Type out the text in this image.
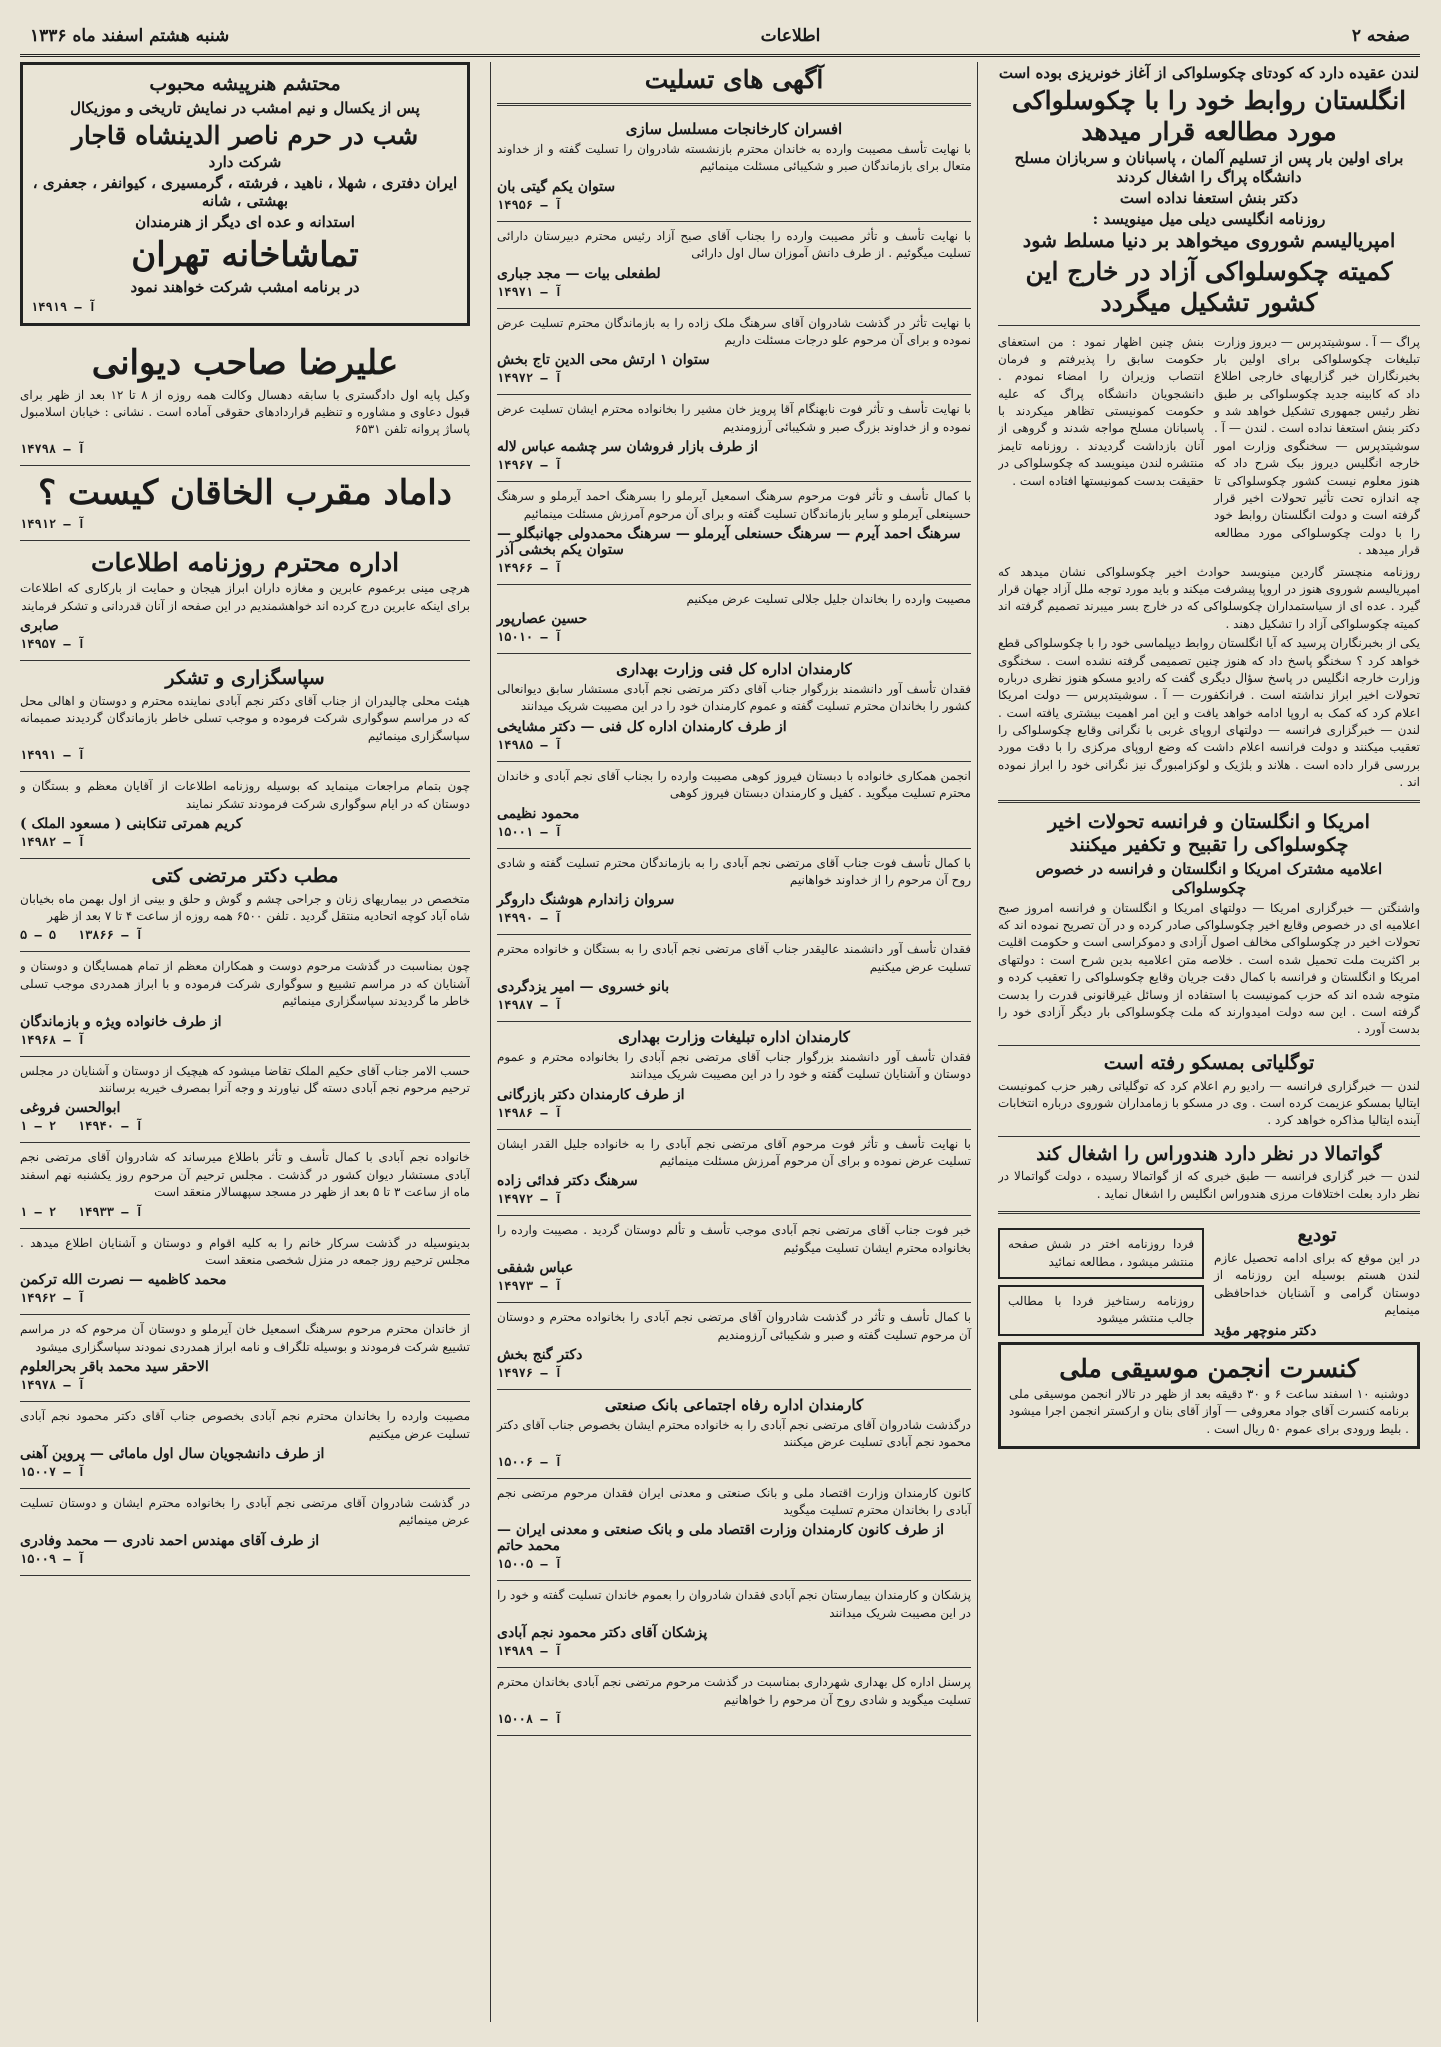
صفحه ۲
اطلاعات
شنبه هشتم اسفند ماه ۱۳۳۶
لندن عقیده دارد که کودتای چکوسلواکی از آغاز خونریزی بوده است
انگلستان روابط خود را با چکوسلواکی مورد مطالعه قرار میدهد
برای اولین بار پس از تسلیم آلمان ، پاسبانان و سربازان مسلح دانشگاه پراگ را اشغال کردند
دکتر بنش استعفا نداده است
روزنامه انگلیسی دیلی میل مینویسد :
امپریالیسم شوروی میخواهد بر دنیا مسلط شود
کمیته چکوسلواکی آزاد در خارج این کشور تشکیل میگردد
پراگ — آ . سوشیتدپرس — دیروز وزارت تبلیغات چکوسلواکی برای اولین بار بخبرنگاران خبر گزاریهای خارجی اطلاع داد که کابینه جدید چکوسلواکی بر طبق نظر رئیس جمهوری تشکیل خواهد شد و دکتر بنش استعفا نداده است . لندن — آ . سوشیتدپرس — سخنگوی وزارت امور خارجه انگلیس دیروز ببک شرح داد که هنوز معلوم نیست کشور چکوسلواکی تا چه اندازه تحت تأثیر تحولات اخیر قرار گرفته است و دولت انگلستان روابط خود را با دولت چکوسلواکی مورد مطالعه قرار میدهد .
بنش چنین اظهار نمود : من استعفای حکومت سابق را پذیرفتم و فرمان انتصاب وزیران را امضاء نمودم . دانشجویان دانشگاه پراگ که علیه حکومت کمونیستی تظاهر میکردند با پاسبانان مسلح مواجه شدند و گروهی از آنان بازداشت گردیدند . روزنامه تایمز منتشره لندن مینویسد که چکوسلواکی در حقیقت بدست کمونیستها افتاده است .
روزنامه منچستر گاردین مینویسد حوادث اخیر چکوسلواکی نشان میدهد که امپریالیسم شوروی هنوز در اروپا پیشرفت میکند و باید مورد توجه ملل آزاد جهان قرار گیرد . عده ای از سیاستمداران چکوسلواکی که در خارج بسر میبرند تصمیم گرفته اند کمیته چکوسلواکی آزاد را تشکیل دهند .
یکی از بخبرنگاران پرسید که آیا انگلستان روابط دیپلماسی خود را با چکوسلواکی قطع خواهد کرد ؟ سخنگو پاسخ داد که هنوز چنین تصمیمی گرفته نشده است . سخنگوی وزارت خارجه انگلیس در پاسخ سؤال دیگری گفت که رادیو مسکو هنوز نظری درباره تحولات اخیر ابراز نداشته است . فرانکفورت — آ . سوشیتدپرس — دولت امریکا اعلام کرد که کمک به اروپا ادامه خواهد یافت و این امر اهمیت بیشتری یافته است . لندن — خبرگزاری فرانسه — دولتهای اروپای غربی با نگرانی وقایع چکوسلواکی را تعقیب میکنند و دولت فرانسه اعلام داشت که وضع اروپای مرکزی را با دقت مورد بررسی قرار داده است . هلاند و بلژیک و لوکزامبورگ نیز نگرانی خود را ابراز نموده اند .
امریکا و انگلستان و فرانسه تحولات اخیر چکوسلواکی را تقبیح و تکفیر میکنند
اعلامیه مشترک امریکا و انگلستان و فرانسه در خصوص چکوسلواکی
واشنگتن — خبرگزاری امریکا — دولتهای امریکا و انگلستان و فرانسه امروز صبح اعلامیه ای در خصوص وقایع اخیر چکوسلواکی صادر کرده و در آن تصریح نموده اند که تحولات اخیر در چکوسلواکی مخالف اصول آزادی و دموکراسی است و حکومت اقلیت بر اکثریت ملت تحمیل شده است . خلاصه متن اعلامیه بدین شرح است : دولتهای امریکا و انگلستان و فرانسه با کمال دقت جریان وقایع چکوسلواکی را تعقیب کرده و متوجه شده اند که حزب کمونیست با استفاده از وسائل غیرقانونی قدرت را بدست گرفته است . این سه دولت امیدوارند که ملت چکوسلواکی بار دیگر آزادی خود را بدست آورد .
توگلیاتی بمسکو رفته است
لندن — خبرگزاری فرانسه — رادیو رم اعلام کرد که توگلیاتی رهبر حزب کمونیست ایتالیا بمسکو عزیمت کرده است . وی در مسکو با زمامداران شوروی درباره انتخابات آینده ایتالیا مذاکره خواهد کرد .
گواتمالا در نظر دارد هندوراس را اشغال کند
لندن — خبر گزاری فرانسه — طبق خبری که از گواتمالا رسیده ، دولت گواتمالا در نظر دارد بعلت اختلافات مرزی هندوراس انگلیس را اشغال نماید .
تودیع
در این موقع که برای ادامه تحصیل عازم لندن هستم بوسیله این روزنامه از دوستان گرامی و آشنایان خداحافظی مینمایم
دکتر منوچهر مؤید
فردا روزنامه اختر در شش صفحه منتشر میشود ، مطالعه نمائید
روزنامه رستاخیز فردا با مطالب جالب منتشر میشود
کنسرت انجمن موسیقی ملی
دوشنبه ۱۰ اسفند ساعت ۶ و ۳۰ دقیقه بعد از ظهر در تالار انجمن موسیقی ملی برنامه کنسرت آقای جواد معروفی — آواز آقای بنان و ارکستر انجمن اجرا میشود . بلیط ورودی برای عموم ۵۰ ریال است .
آگهی های تسلیت
افسران کارخانجات مسلسل سازی
با نهایت تأسف مصیبت وارده به خاندان محترم بازنشسته شادروان را تسلیت گفته و از خداوند متعال برای بازماندگان صبر و شکیبائی مسئلت مینمائیم
ستوان یکم گیتی بان
آ — ۱۴۹۵۶
با نهایت تأسف و تأثر مصیبت وارده را بجناب آقای صبح آزاد رئیس محترم دبیرستان دارائی تسلیت میگوئیم . از طرف دانش آموزان سال اول دارائی
لطفعلی بیات — مجد جباری
آ — ۱۴۹۷۱
با نهایت تأثر در گذشت شادروان آقای سرهنگ ملک زاده را به بازماندگان محترم تسلیت عرض نموده و برای آن مرحوم علو درجات مسئلت داریم
ستوان ۱ ارتش محی الدین تاج بخش
آ — ۱۴۹۷۲
با نهایت تأسف و تأثر فوت نابهنگام آقا پرویز خان مشیر را بخانواده محترم ایشان تسلیت عرض نموده و از خداوند بزرگ صبر و شکیبائی آرزومندیم
از طرف بازار فروشان سر چشمه عباس لاله
آ — ۱۴۹۶۷
با کمال تأسف و تأثر فوت مرحوم سرهنگ اسمعیل آیرملو را بسرهنگ احمد آیرملو و سرهنگ حسینعلی آیرملو و سایر بازماندگان تسلیت گفته و برای آن مرحوم آمرزش مسئلت مینمائیم
سرهنگ احمد آیرم — سرهنگ حسنعلی آیرملو — سرهنگ محمدولی جهانبگلو — ستوان یکم بخشی آذر
آ — ۱۴۹۶۶
مصیبت وارده را بخاندان جلیل جلالی تسلیت عرض میکنیم
حسین عصارپور
آ — ۱۵۰۱۰
کارمندان اداره کل فنی وزارت بهداری
فقدان تأسف آور دانشمند بزرگوار جناب آقای دکتر مرتضی نجم آبادی مستشار سابق دیوانعالی کشور را بخاندان محترم تسلیت گفته و عموم کارمندان خود را در این مصیبت شریک میدانند
از طرف کارمندان اداره کل فنی — دکتر مشایخی
آ — ۱۴۹۸۵
انجمن همکاری خانواده با دبستان فیروز کوهی مصیبت وارده را بجناب آقای نجم آبادی و خاندان محترم تسلیت میگوید . کفیل و کارمندان دبستان فیروز کوهی
محمود نظیمی
آ — ۱۵۰۰۱
با کمال تأسف فوت جناب آقای مرتضی نجم آبادی را به بازماندگان محترم تسلیت گفته و شادی روح آن مرحوم را از خداوند خواهانیم
سروان زاندارم هوشنگ داروگر
آ — ۱۴۹۹۰
فقدان تأسف آور دانشمند عالیقدر جناب آقای مرتضی نجم آبادی را به بستگان و خانواده محترم تسلیت عرض میکنیم
بانو خسروی — امیر یزدگردی
آ — ۱۴۹۸۷
کارمندان اداره تبلیغات وزارت بهداری
فقدان تأسف آور دانشمند بزرگوار جناب آقای مرتضی نجم آبادی را بخانواده محترم و عموم دوستان و آشنایان تسلیت گفته و خود را در این مصیبت شریک میدانند
از طرف کارمندان دکتر بازرگانی
آ — ۱۴۹۸۶
با نهایت تأسف و تأثر فوت مرحوم آقای مرتضی نجم آبادی را به خانواده جلیل القدر ایشان تسلیت عرض نموده و برای آن مرحوم آمرزش مسئلت مینمائیم
سرهنگ دکتر فدائی زاده
آ — ۱۴۹۷۲
خبر فوت جناب آقای مرتضی نجم آبادی موجب تأسف و تألم دوستان گردید . مصیبت وارده را بخانواده محترم ایشان تسلیت میگوئیم
عباس شفقی
آ — ۱۴۹۷۳
با کمال تأسف و تأثر در گذشت شادروان آقای مرتضی نجم آبادی را بخانواده محترم و دوستان آن مرحوم تسلیت گفته و صبر و شکیبائی آرزومندیم
دکتر گنج بخش
آ — ۱۴۹۷۶
کارمندان اداره رفاه اجتماعی بانک صنعتی
درگذشت شادروان آقای مرتضی نجم آبادی را به خانواده محترم ایشان بخصوص جناب آقای دکتر محمود نجم آبادی تسلیت عرض میکنند
آ — ۱۵۰۰۶
کانون کارمندان وزارت اقتصاد ملی و بانک صنعتی و معدنی ایران فقدان مرحوم مرتضی نجم آبادی را بخاندان محترم تسلیت میگوید
از طرف کانون کارمندان وزارت اقتصاد ملی و بانک صنعتی و معدنی ایران — محمد حاتم
آ — ۱۵۰۰۵
پزشکان و کارمندان بیمارستان نجم آبادی فقدان شادروان را بعموم خاندان تسلیت گفته و خود را در این مصیبت شریک میدانند
پزشکان آقای دکتر محمود نجم آبادی
آ — ۱۴۹۸۹
پرسنل اداره کل بهداری شهرداری بمناسبت در گذشت مرحوم مرتضی نجم آبادی بخاندان محترم تسلیت میگوید و شادی روح آن مرحوم را خواهانیم
آ — ۱۵۰۰۸
محتشم هنرپیشه محبوب
پس از یکسال و نیم امشب در نمایش تاریخی و موزیکال
شب در حرم ناصر الدینشاه قاجار
شرکت دارد
ایران دفتری ، شهلا ، ناهید ، فرشته ، گرمسیری ، کیوانفر ، جعفری ، بهشتی ، شانه
استدانه و عده ای دیگر از هنرمندان
تماشاخانه تهران
در برنامه امشب شرکت خواهند نمود
آ — ۱۴۹۱۹
علیرضا صاحب دیوانی
وکیل پایه اول دادگستری با سابقه دهسال وکالت همه روزه از ۸ تا ۱۲ بعد از ظهر برای قبول دعاوی و مشاوره و تنظیم قراردادهای حقوقی آماده است . نشانی : خیابان اسلامبول پاساژ پروانه تلفن ۶۵۳۱
آ — ۱۴۷۹۸
داماد مقرب الخاقان کیست ؟
آ — ۱۴۹۱۲
اداره محترم روزنامه اطلاعات
هرچی مینی برعموم عابرین و مغازه داران ابراز هیجان و حمایت از بارکاری که اطلاعات برای اینکه عابرین درج کرده اند خواهشمندیم در این صفحه از آنان قدردانی و تشکر فرمایند
صابری
آ — ۱۴۹۵۷
سپاسگزاری و تشکر
هیئت محلی چالیدران از جناب آقای دکتر نجم آبادی نماینده محترم و دوستان و اهالی محل که در مراسم سوگواری شرکت فرموده و موجب تسلی خاطر بازماندگان گردیدند صمیمانه سپاسگزاری مینمائیم
آ — ۱۴۹۹۱
چون بتمام مراجعات مینماید که بوسیله روزنامه اطلاعات از آقایان معظم و بستگان و دوستان که در ایام سوگواری شرکت فرمودند تشکر نمایند
کریم همرتی تنکابنی ( مسعود الملک )
آ — ۱۴۹۸۲
مطب دکتر مرتضی کتی
متخصص در بیماریهای زنان و جراحی چشم و گوش و حلق و بینی از اول بهمن ماه بخیابان شاه آباد کوچه اتحادیه منتقل گردید . تلفن ۶۵۰۰ همه روزه از ساعت ۴ تا ۷ بعد از ظهر
آ — ۱۳۸۶۶   ۵ — ۵
چون بمناسبت در گذشت مرحوم دوست و همکاران معظم از تمام همسایگان و دوستان و آشنایان که در مراسم تشییع و سوگواری شرکت فرموده و با ابراز همدردی موجب تسلی خاطر ما گردیدند سپاسگزاری مینمائیم
از طرف خانواده ویژه و بازماندگان
آ — ۱۴۹۶۸
حسب الامر جناب آقای حکیم الملک تقاضا میشود که هیچیک از دوستان و آشنایان در مجلس ترحیم مرحوم نجم آبادی دسته گل نیاورند و وجه آنرا بمصرف خیریه برسانند
ابوالحسن فروغی
آ — ۱۴۹۴۰   ۲ — ۱
خانواده نجم آبادی با کمال تأسف و تأثر باطلاع میرساند که شادروان آقای مرتضی نجم آبادی مستشار دیوان کشور در گذشت . مجلس ترحیم آن مرحوم روز یکشنبه نهم اسفند ماه از ساعت ۳ تا ۵ بعد از ظهر در مسجد سپهسالار منعقد است
آ — ۱۴۹۳۳   ۲ — ۱
بدینوسیله در گذشت سرکار خانم را به کلیه اقوام و دوستان و آشنایان اطلاع میدهد . مجلس ترحیم روز جمعه در منزل شخصی منعقد است
محمد کاظمیه — نصرت الله ترکمن
آ — ۱۴۹۶۲
از خاندان محترم مرحوم سرهنگ اسمعیل خان آیرملو و دوستان آن مرحوم که در مراسم تشییع شرکت فرمودند و بوسیله تلگراف و نامه ابراز همدردی نمودند سپاسگزاری میشود
الاحقر سید محمد باقر بحرالعلوم
آ — ۱۴۹۷۸
مصیبت وارده را بخاندان محترم نجم آبادی بخصوص جناب آقای دکتر محمود نجم آبادی تسلیت عرض میکنیم
از طرف دانشجویان سال اول مامائی — پروین آهنی
آ — ۱۵۰۰۷
در گذشت شادروان آقای مرتضی نجم آبادی را بخانواده محترم ایشان و دوستان تسلیت عرض مینمائیم
از طرف آقای مهندس احمد نادری — محمد وفادری
آ — ۱۵۰۰۹
